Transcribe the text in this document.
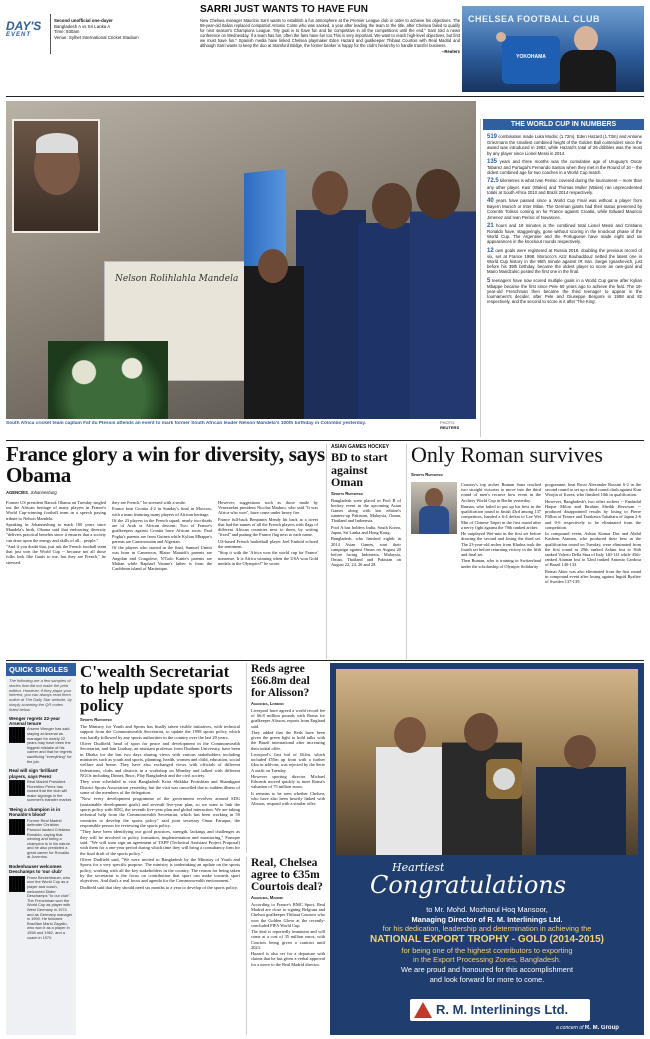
DAY'S
EVENT
Second unofficial one-dayer
Bangladesh A vs Sri Lanka A
Time: 930am
Venue: Sylhet International Cricket Stadium
SARRI JUST WANTS TO HAVE FUN
New Chelsea manager Maurizio Sarri wants to establish a fun atmosphere at the Premier League club in order to achieve his objectives. The 59-year-old Italian replaced compatriot Antonio Conte who was sacked, a year after leading the team to the title, after Chelsea failed to qualify for next season's Champions League. "My goal is to have fun and be competitive in all the competitions until the end," Sarri told a news conference on Wednesday. If a team has fun, often the fans have fun too.This is very important. We want to reach high-level objectives, but first we must have fun." Spanish media have linked Chelsea playmaker Eden Hazard and goalkeeper Thibaut Courtois with Real Madrid and although Sarri wants to keep the duo at Stamford Bridge, the former banker is happy for the club's hierarchy to handle transfer business.
--Reuters
CHELSEA FOOTBALL CLUB
YOKOHAMA
Nelson Rolihlahla Mandela
South Africa cricket team captain Faf du Plessis attends an event to mark former South African leader Nelson Mandela's 100th birthday in Colombo yesterday.	PHOTO:
REUTERS
THE WORLD CUP IN NUMBERS
519 combination made Luka Modric (1.72m), Eden Hazard (1.73m) and Antoine Griezmann the smallest combined height of the Golden Ball contenders since the award was introduced in 1982, while Hazard's total of 26 dribbles was the most by any player since Lionel Messi in 2014.
135 years and three months was the cumulative age of Uruguay's Oscar Tabarez and Portugal's Fernando Santos when they met in the Round of 16 -- the oldest combined age for two coaches in a World Cup match.
72.5 kilometres is what Ivan Perisic covered during the tournament -- more than any other player. Kasr (Wales) and Thomas Muller (Wales) ran unprecedented totals at South Africa 2010 and Brazil 2014 respectively.
40 years have passed since a World Cup Final was without a player from Bayern Munich or Inter Milan. The German giants had their status preserved by Corentin Tolisso coming on for France against Croatia, while Edward Mauricio Jimenez and Ivan Perisic of Novasces.
21 hours and 18 minutes is the combined total Lionel Messi and Cristiano Ronaldo have, staggeringly, gone without scoring in the knockout phase of the World Cup. The Argentine and the Portuguese have made eight and six appearances in the knockout rounds respectively.
12 own goals were registered at Russia 2018, doubling the previous record of six, set at France 1998. Morocco's Aziz Bouhaddouz netted the latest one in World Cup history in the 95th minute against IR Iran. Sergei Ignashevich, just before his 39th birthday, became the oldest player to score an own-goal and Mario Mandzukic posted the first one in the final.
5 teenagers have now scored multiple goals in a World Cup game after Kylian Mbappe became the first since Pele 60 years ago to achieve the feat. The 19-year-old Frenchman then became the third teenager to appear in the tournament's decider, after Pele and Giuseppe Bergomi in 1958 and 82 respectively, and the second to score in it after 'The King'.
France glory a win for diversity, says Obama
AGENCIES, Johannesburg
Former US president Barack Obama on Tuesday singled out the African heritage of many players in France's World Cup-winning football team in a speech paying tribute to Nelson Mandela.
Speaking in Johannesburg to mark 100 years since Mandela's birth, Obama said that embracing diversity "delivers practical benefits since it ensures that a society can draw upon the energy and skills of all... people."
"And if you doubt that, just ask the French football team that just won the World Cup -- because not all those folks look like Gauls to me, but they are French," he stressed.
they are French," he stressed with a smile.
France beat Croatia 4-2 in Sunday's final in Moscow, with a team featuring many players of African heritage.
Of the 23 players in the French squad, nearly two-thirds are of Arab or African descent: Two of France's goalkeepers against Croatia have African roots: Paul Pogba's parents are from Guinea while Kylian Mbappe's parents are Cameroonian and Algerian.
Of the players who started in the final, Samuel Umtiti was born in Cameroon, Blaise Matuidi's parents are Angolan and Congolese, N'Golo Kante's parents are Malian while Raphael Varane's father is from the Caribbean island of Martinique.
However, suggestions such as those made by Venezuelan president Nicolas Maduro, who said "It was Africa who won", have come under heavy fire.
France full-back Benjamin Mendy hit back at a tweet that had the names of all the French players with flags of different African countries next to them, by writing "fixed" and putting the France flag next to each name.
US-based French basketball player Joel Embiid echoed the sentiment.
"Stop it with the 'Africa won the world cup for France' nonsense. It is Africa winning when the USA won Gold medals in the Olympics!" he wrote.
ASIAN GAMES HOCKEY
BD to start against Oman
Sports Reporter
Bangladesh were placed in Pool B of hockey event in the upcoming Asian Games along with last edition's runners-up Pakistan, Malaysia, Oman, Thailand and Indonesia.
Pool A has holders India, South Korea, Japan, Sri Lanka and Hong Kong.
Bangladesh, who finished eighth in 2014 Asian Games, start their campaign against Oman on August 20 before facing Indonesia, Malaysia, Oman, Thailand and Pakistan on August 22, 24, 26 and 28.
Only Roman survives
Sports Reporter
Country's top archer Ruman Sana reached two straight victories to move into the third round of men's recurve bow event in the Archery World Cup in Berlin yesterday.
Ruman, who failed to put up his best in the qualification round to finish 43rd among 137 competitors, handed a 6-4 defeat to Lee Wei Min of Chinese Taipei in the first round after a nervy fight against the 70th ranked archer.
He outplayed Wei-min in the first set before drawing the second and losing the third set. The 23-year-old archer from Khulna took the fourth set before returning victory in the fifth and final set.
Then Ruman, who is training in Switzerland under the scholarship of Olympic Solidarity
programme, beat Rossi Alexander Rossini 6-2 in the second round to set up a third round clash against Kim Woojin of Korea, who finished 10th in qualification.
However, Bangladesh's two other archers -- Emdadul Haque Milon and Ibrahim Sheikh Rezowan -- produced disappointed results by losing to Pierre Plillon of France and Tarukawa Takaharu of Japan 2-6 and 0-6 respectively to be eliminated from the competition.
In compound event, Ashim Kumar Das and Abdul Kashem Aiaman, who produced their best in the qualification round on Tuesday, were eliminated from the first round as 29th ranked Ashim lost to 36th ranked Valerio Della Stua of Italy 140-141 while 45th-ranked Aiaman lost to 52nd ranked Antonio Cardosa of Brazil 140-133.
Romai Akter was also eliminated from the first round in compound event after losing against Ingrid Ryaliev of Sweden 137-139.
QUICK SINGLES
The following are a few samples of stories that did not make the print edition. However, if they pique your interest, you can always read them online at The Daily Star website, by simply scanning the QR codes listed below.
Wenger regrets 22-year Arsenal tenure
Arsene Wenger has said staying at Arsenal as manager for nearly 22 years may have been the biggest mistake of his career and that he regrets sacrificing "everything" for the job.
Real will sign 'brilliant' players, says Perez
Real Madrid President Florentino Perez has vowed that the club will make signings in the summer's transfer market.
'Being a champion is in Ronaldo's blood'
Former Real Madrid defender Christian Panucci lauded Cristiano Ronaldo, saying that winning and being a champion is in his nature and he also predicted a great career for Ronaldo at Juventus.
Bodenhauser welcomes Deschamps to 'our club'
Franz Beckenbauer, who won the World Cup as a player and coach, welcomed Didier Deschamps "to our club". The Frenchman won the World Cup as player with West Germany in 1974 and as Germany manager in 1990. He followed Brazilian Mario Zagallo, who won it as a player in 1958 and 1962, and a coach in 1970.
C'wealth Secretariat to help update sports policy
Sports Reporter
The Ministry for Youth and Sports has finally taken visible initiatives, with technical support from the Commonwealth Secretariat, to update the 1998 sports policy which was hardly followed by any sports authorities in the country over the last 20 years.
Oliver Dudfield, head of sport for peace and development in the Commonwealth Secretariat, and Iain Lindsay, an assistant professor from Dunham University, have been in Dhaka for the last two days sharing views with various stakeholders including ministries such as youth and sports, planning, health, women and child, education, social welfare and home. They have also exchanged views with officials of different federations, clubs and districts in a workshop on Monday and talked with different NGOs including Dinnet, Bnoc, Play Bangladesh and the civil society.
They were scheduled to visit Bangladesh Krira Shikkha Protishtan and Shamkgani District Sports Association yesterday, but the visit was cancelled due to sudden illness of some of the members of the delegation.
"Now every development programme of the government revolves around SDG (sustainable development goals) and seventh five-year plan, so we want to link the sports policy with SDG, the seventh five-year plan and global interaction. We are taking technical help from the Commonwealth Secretariat, which has been working in 50 countries to develop the sports policy" said joint secretary Omar Faruque, the responsible person for reviewing the sports policy.
"They have been identifying our good practices, strength, lackings and challenges as they will be involved in policy formation, implementation and monitoring," Faruque said. "We will soon sign an agreement of TAPP (Technical Assistant Project Proposal) with them for a one-year period during which time they will bring a consultancy firm for the final draft of the sports policy."
Oliver Dudfield said, "We were invited to Bangladesh by the Ministry of Youth and Sports for a very specific purpose. The ministry is undertaking an update on the sports policy, working with all the key stakeholders in the country. The reason for being taken by the secretariat is the focus on contribution that sport can make towards sport objectives. And that's a real focus and agenda for the Commonwealth environment."
Dudfield said that they should need six months to a year to develop of the sports policy.
Reds agree £66.8m deal for Alisson?
Agencies, London
Liverpool have agreed a world record fee of 66.8 million pounds with Roma for goalkeeper Alisson, reports from England said.
They added that the Reds have been given the green light to hold talks with the Brazil international after increasing their initial offer.
Liverpool's first bid of £62m, which included £55m up front with a further £4m in add-ons, was rejected by the Serie A outfit on Tuesday.
However sporting director Michael Edwards moved quickly to meet Roma's valuation of 75 million euros.
It remains to be seen whether Chelsea, who have also been heavily linked with Alisson, respond with a similar offer.
Real, Chelsea agree to €35m Courtois deal?
Agencies, Madrid
According to France's RMC Sport, Real Madrid are close to signing Belgium and Chelsea goalkeeper Thibaut Courtois who won the Golden Glove at the recently-concluded FIFA World Cup.
The deal is reportedly imminent and will come at a cost of 35 million euros, with Courtois being given a contract until 2023.
Hazard is also set for a departure with claims that he has given a verbal approval for a move to the Real Madrid director.
Heartiest
Congratulations
to Mr. Mohd. Mozharul Hoq Mansoor,
Managing Director of R. M. Interlinings Ltd.
for his dedication, leadership and determination in achieving the
NATIONAL EXPORT TROPHY - GOLD (2014-2015)
for being one of the highest contributors to exporting
in the Export Processing Zones, Bangladesh.
We are proud and honoured for this accomplishment
and look forward for more to come.
R. M. Interlinings Ltd.
a concern of R. M. Group
